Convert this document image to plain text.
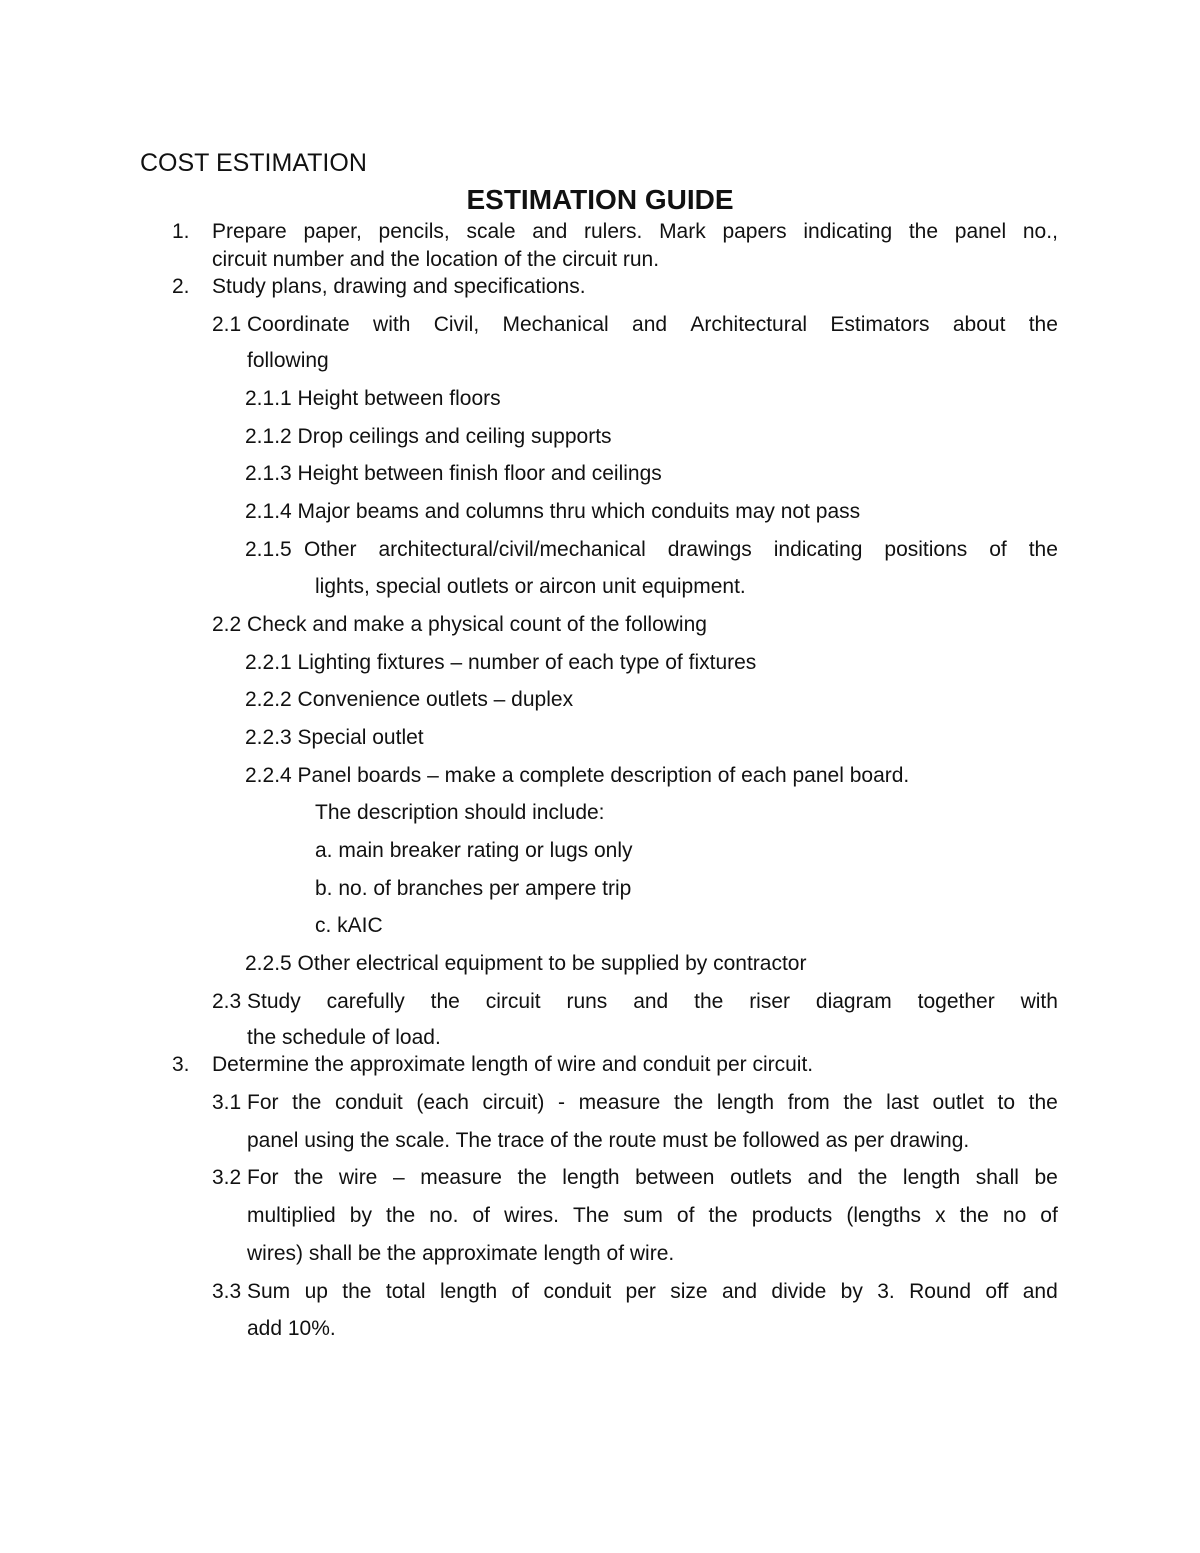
COST ESTIMATION
ESTIMATION GUIDE
1. Prepare paper, pencils, scale and rulers. Mark papers indicating the panel no.,
circuit number and the location of the circuit run.
2. Study plans, drawing and specifications.
2.1 Coordinate with Civil, Mechanical and Architectural Estimators about the
following
2.1.1 Height between floors
2.1.2 Drop ceilings and ceiling supports
2.1.3 Height between finish floor and ceilings
2.1.4 Major beams and columns thru which conduits may not pass
2.1.5 Other architectural/civil/mechanical drawings indicating positions of the
lights, special outlets or aircon unit equipment.
2.2 Check and make a physical count of the following
2.2.1 Lighting fixtures – number of each type of fixtures
2.2.2 Convenience outlets – duplex
2.2.3 Special outlet
2.2.4 Panel boards – make a complete description of each panel board.
The description should include:
a. main breaker rating or lugs only
b. no. of branches per ampere trip
c. kAIC
2.2.5 Other electrical equipment to be supplied by contractor
2.3 Study carefully the circuit runs and the riser diagram together with
the schedule of load.
3. Determine the approximate length of wire and conduit per circuit.
3.1 For the conduit (each circuit) - measure the length from the last outlet to the
panel using the scale. The trace of the route must be followed as per drawing.
3.2 For the wire – measure the length between outlets and the length shall be
multiplied by the no. of wires. The sum of the products (lengths x the no of
wires) shall be the approximate length of wire.
3.3 Sum up the total length of conduit per size and divide by 3. Round off and
add 10%.
